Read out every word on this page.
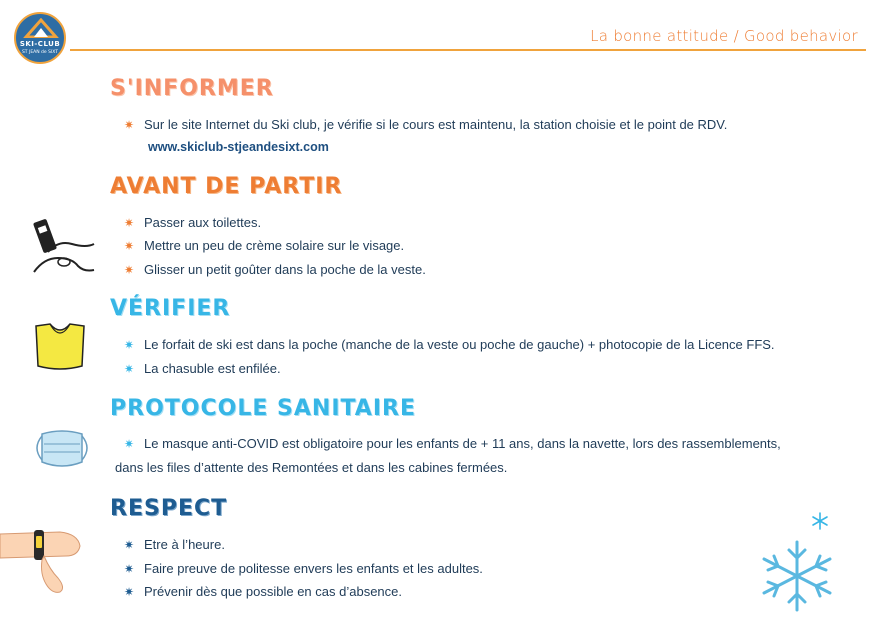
SKI-CLUB
ST JEAN de SIXT
La bonne attitude / Good behavior
S'INFORMER
✷ Sur le site Internet du Ski club, je vérifie si le cours est maintenu, la station choisie et le point de RDV.
www.skiclub-stjeandesixt.com
AVANT DE PARTIR
✷ Passer aux toilettes.
✷ Mettre un peu de crème solaire sur le visage.
✷ Glisser un petit goûter dans la poche de la veste.
VÉRIFIER
✷ Le forfait de ski est dans la poche (manche de la veste ou poche de gauche) + photocopie de la Licence FFS.
✷ La chasuble est enfilée.
PROTOCOLE SANITAIRE
✷ Le masque anti-COVID est obligatoire pour les enfants de + 11 ans, dans la navette, lors des rassemblements,
dans les files d’attente des Remontées et dans les cabines fermées.
RESPECT
✷ Etre à l’heure.
✷ Faire preuve de politesse envers les enfants et les adultes.
✷ Prévenir dès que possible en cas d’absence.
